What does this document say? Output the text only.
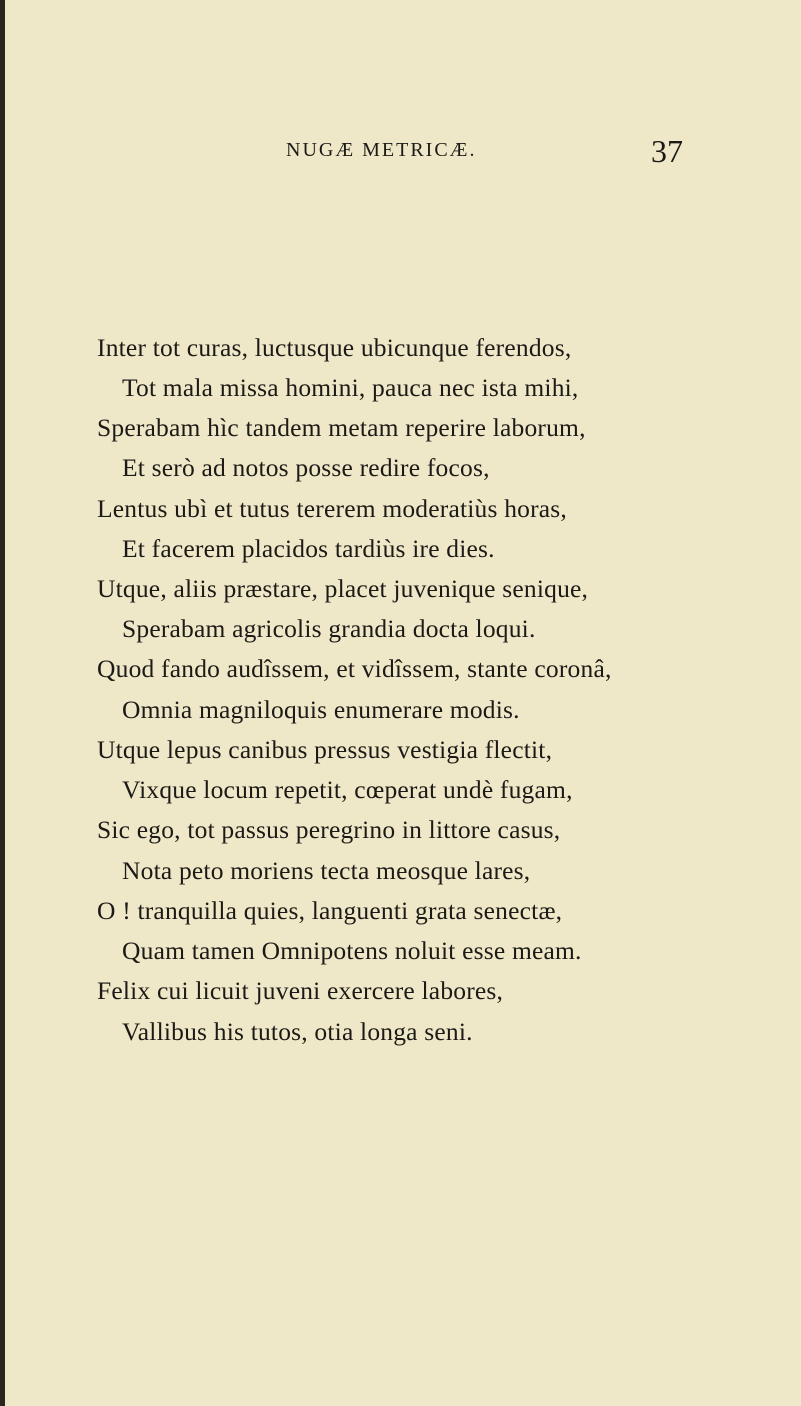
NUGÆ METRICÆ.	37
Inter tot curas, luctusque ubicunque ferendos,
Tot mala missa homini, pauca nec ista mihi,
Sperabam hìc tandem metam reperire laborum,
Et serò ad notos posse redire focos,
Lentus ubì et tutus tererem moderatiùs horas,
Et facerem placidos tardiùs ire dies.
Utque, aliis præstare, placet juvenique senique,
Sperabam agricolis grandia docta loqui.
Quod fando audîssem, et vidîssem, stante coronâ,
Omnia magniloquis enumerare modis.
Utque lepus canibus pressus vestigia flectit,
Vixque locum repetit, cœperat undè fugam,
Sic ego, tot passus peregrino in littore casus,
Nota peto moriens tecta meosque lares,
O ! tranquilla quies, languenti grata senectæ,
Quam tamen Omnipotens noluit esse meam.
Felix cui licuit juveni exercere labores,
Vallibus his tutos, otia longa seni.
